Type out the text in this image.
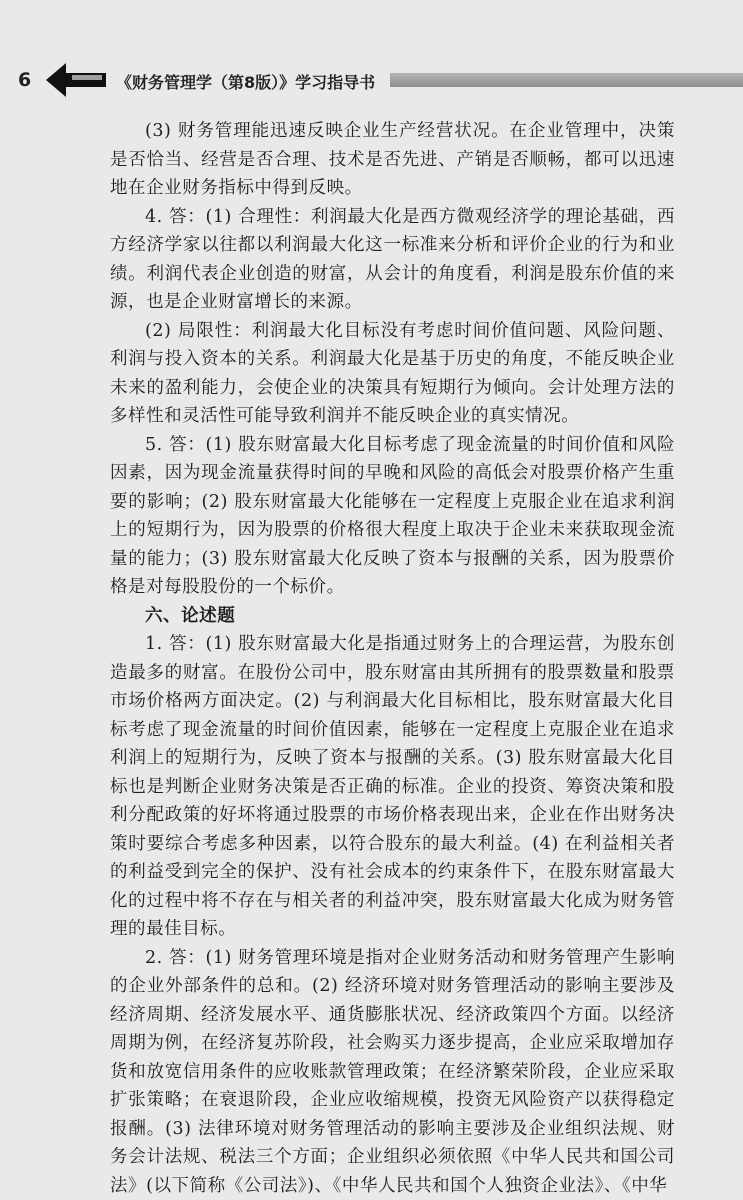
6	《财务管理学（第8版）》学习指导书

(3) 财务管理能迅速反映企业生产经营状况。在企业管理中，决策是否恰当、经营是否合理、技术是否先进、产销是否顺畅，都可以迅速地在企业财务指标中得到反映。

4. 答：(1) 合理性：利润最大化是西方微观经济学的理论基础，西方经济学家以往都以利润最大化这一标准来分析和评价企业的行为和业绩。利润代表企业创造的财富，从会计的角度看，利润是股东价值的来源，也是企业财富增长的来源。

(2) 局限性：利润最大化目标没有考虑时间价值问题、风险问题、利润与投入资本的关系。利润最大化是基于历史的角度，不能反映企业未来的盈利能力，会使企业的决策具有短期行为倾向。会计处理方法的多样性和灵活性可能导致利润并不能反映企业的真实情况。

5. 答：(1) 股东财富最大化目标考虑了现金流量的时间价值和风险因素，因为现金流量获得时间的早晚和风险的高低会对股票价格产生重要的影响；(2) 股东财富最大化能够在一定程度上克服企业在追求利润上的短期行为，因为股票的价格很大程度上取决于企业未来获取现金流量的能力；(3) 股东财富最大化反映了资本与报酬的关系，因为股票价格是对每股股份的一个标价。

六、论述题

1. 答：(1) 股东财富最大化是指通过财务上的合理运营，为股东创造最多的财富。在股份公司中，股东财富由其所拥有的股票数量和股票市场价格两方面决定。(2) 与利润最大化目标相比，股东财富最大化目标考虑了现金流量的时间价值因素，能够在一定程度上克服企业在追求利润上的短期行为，反映了资本与报酬的关系。(3) 股东财富最大化目标也是判断企业财务决策是否正确的标准。企业的投资、筹资决策和股利分配政策的好坏将通过股票的市场价格表现出来，企业在作出财务决策时要综合考虑多种因素，以符合股东的最大利益。(4) 在利益相关者的利益受到完全的保护、没有社会成本的约束条件下，在股东财富最大化的过程中将不存在与相关者的利益冲突，股东财富最大化成为财务管理的最佳目标。

2. 答：(1) 财务管理环境是指对企业财务活动和财务管理产生影响的企业外部条件的总和。(2) 经济环境对财务管理活动的影响主要涉及经济周期、经济发展水平、通货膨胀状况、经济政策四个方面。以经济周期为例，在经济复苏阶段，社会购买力逐步提高，企业应采取增加存货和放宽信用条件的应收账款管理政策；在经济繁荣阶段，企业应采取扩张策略；在衰退阶段，企业应收缩规模，投资无风险资产以获得稳定报酬。(3) 法律环境对财务管理活动的影响主要涉及企业组织法规、财务会计法规、税法三个方面；企业组织必须依照《中华人民共和国公司法》(以下简称《公司法》)、《中华人民共和国个人独资企业法》、《中华
